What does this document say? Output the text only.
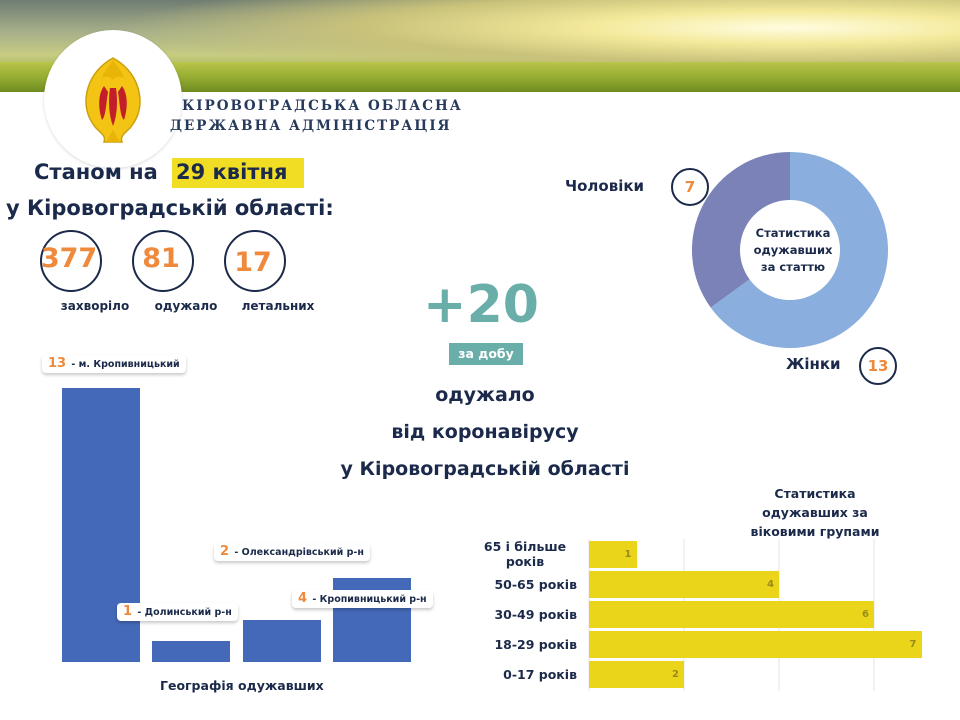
КІРОВОГРАДСЬКА ОБЛАСНА
ДЕРЖАВНА АДМІНІСТРАЦІЯ
Станом на 29 квітня
у Кіровоградській області:
377
захворіло
81
одужало
17
летальних +20
за добу
одужало
від коронавірусу
у Кіровоградській області
Статистика одужавших за статтю
Чоловіки	7
Жінки	13
13 - м. Кропивницький
1 - Долинський р-н
2 - Олександрівський р-н
4 - Кропивницький р-н
Географія одужавших
Статистика одужавших за віковими групами
65 і більше років	1
50-65 років	4
30-49 років	6
18-29 років	7
0-17 років	2
